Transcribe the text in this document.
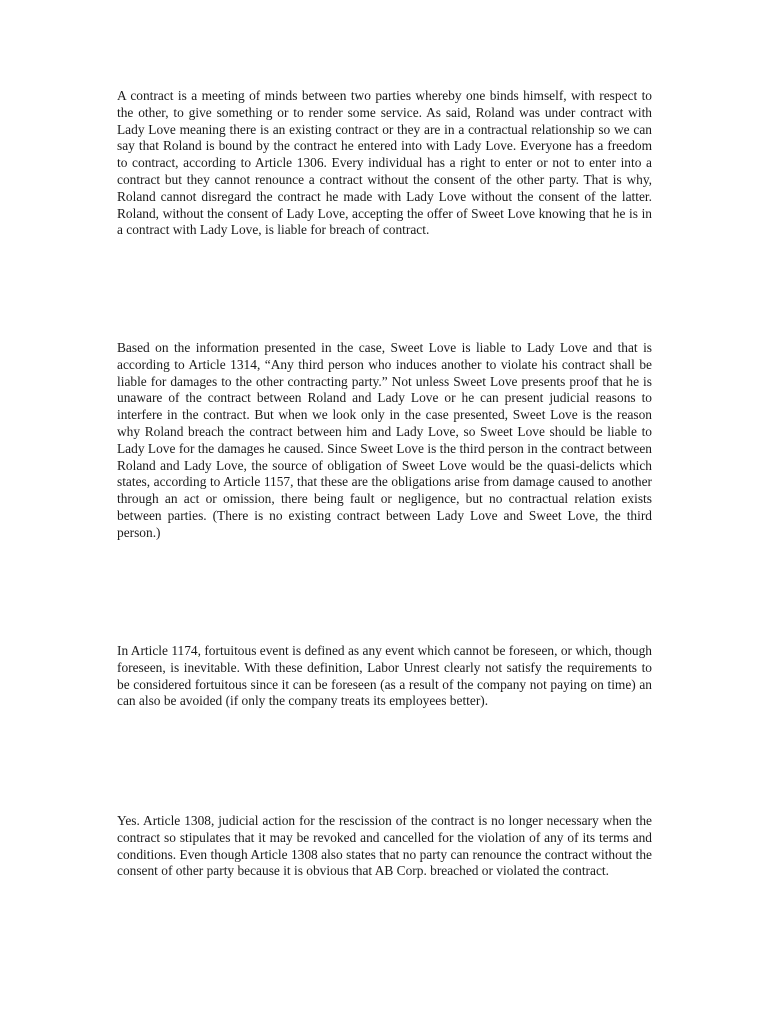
A contract is a meeting of minds between two parties whereby one binds himself, with respect to the other, to give something or to render some service. As said, Roland was under contract with Lady Love meaning there is an existing contract or they are in a contractual relationship so we can say that Roland is bound by the contract he entered into with Lady Love. Everyone has a freedom to contract, according to Article 1306. Every individual has a right to enter or not to enter into a contract but they cannot renounce a contract without the consent of the other party. That is why, Roland cannot disregard the contract he made with Lady Love without the consent of the latter. Roland, without the consent of Lady Love, accepting the offer of Sweet Love knowing that he is in a contract with Lady Love, is liable for breach of contract.

Based on the information presented in the case, Sweet Love is liable to Lady Love and that is according to Article 1314, “Any third person who induces another to violate his contract shall be liable for damages to the other contracting party.” Not unless Sweet Love presents proof that he is unaware of the contract between Roland and Lady Love or he can present judicial reasons to interfere in the contract. But when we look only in the case presented, Sweet Love is the reason why Roland breach the contract between him and Lady Love, so Sweet Love should be liable to Lady Love for the damages he caused. Since Sweet Love is the third person in the contract between Roland and Lady Love, the source of obligation of Sweet Love would be the quasi-delicts which states, according to Article 1157, that these are the obligations arise from damage caused to another through an act or omission, there being fault or negligence, but no contractual relation exists between parties. (There is no existing contract between Lady Love and Sweet Love, the third person.)

In Article 1174, fortuitous event is defined as any event which cannot be foreseen, or which, though foreseen, is inevitable. With these definition, Labor Unrest clearly not satisfy the requirements to be considered fortuitous since it can be foreseen (as a result of the company not paying on time) an can also be avoided (if only the company treats its employees better).

Yes. Article 1308, judicial action for the rescission of the contract is no longer necessary when the contract so stipulates that it may be revoked and cancelled for the violation of any of its terms and conditions. Even though Article 1308 also states that no party can renounce the contract without the consent of other party because it is obvious that AB Corp. breached or violated the contract.
